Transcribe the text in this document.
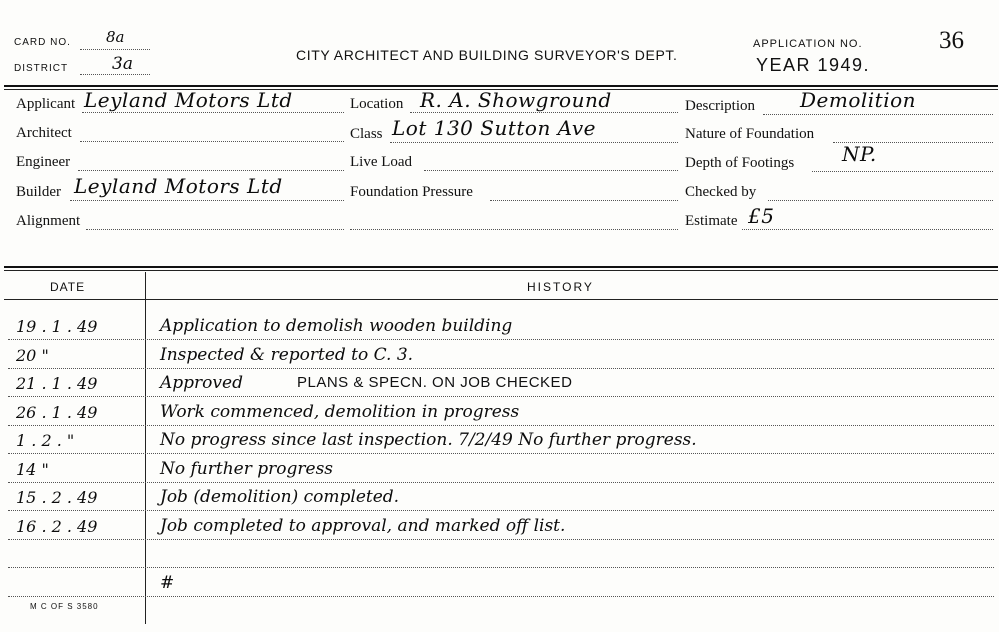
CARD NO. 8a
DISTRICT	3a	CITY ARCHITECT AND BUILDING SURVEYOR'S DEPT.
APPLICATION NO.	36
YEAR 1949.
Applicant Leyland Motors Ltd	Location R. A. Showground	Description Demolition
Architect	Class Lot 130 Sutton Ave	Nature of Foundation
Engineer	Live Load	Depth of Footings NP.
Builder Leyland Motors Ltd	Foundation Pressure	Checked by
Alignment	Estimate £5
DATE	HISTORY
19 . 1 . 49	Application to demolish wooden building
20 "	Inspected & reported to C. 3.
21 . 1 . 49	Approved	PLANS & SPECN. ON JOB CHECKED
26 . 1 . 49	Work commenced, demolition in progress
1 . 2 . "	No progress since last inspection. 7/2/49 No further progress.
14 "	No further progress
15 . 2 . 49	Job (demolition) completed.
16 . 2 . 49	Job completed to approval, and marked off list.
#
M C OF S 3580
